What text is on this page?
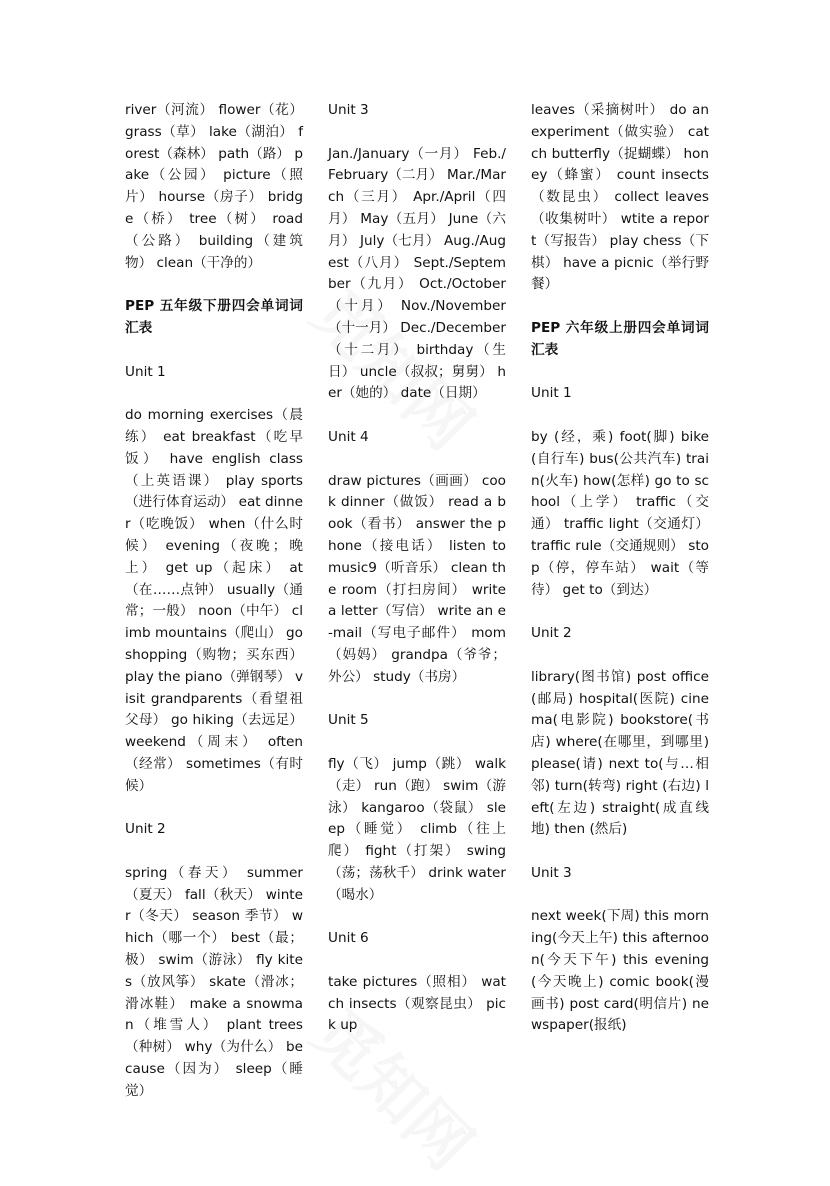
river（河流） flower（花） grass（草） lake（湖泊） forest（森林） path（路） pake（公园） picture（照片） hourse（房子） bridge（桥） tree（树） road（公路） building（建筑物） clean（干净的）

PEP 五年级下册四会单词词汇表

Unit 1

do morning exercises（晨练） eat breakfast（吃早饭） have english class（上英语课） play sports（进行体育运动） eat dinner（吃晚饭） when（什么时候） evening（夜晚；晚上） get up（起床） at（在……点钟） usually（通常；一般） noon（中午） climb mountains（爬山） go shopping（购物；买东西） play the piano（弹钢琴） visit grandparents（看望祖父母） go hiking（去远足） weekend（周末） often（经常） sometimes（有时候）

Unit 2

spring（春天） summer（夏天） fall（秋天） winter（冬天） season 季节） which（哪一个） best（最；极） swim（游泳） fly kites（放风筝） skate（滑冰；滑冰鞋） make a snowman（堆雪人） plant trees（种树） why（为什么） because（因为） sleep（睡觉）

Unit 3

Jan./January（一月） Feb./February（二月） Mar./March（三月） Apr./April（四月） May（五月） June（六月） July（七月） Aug./Augest（八月） Sept./September（九月） Oct./October（十月） Nov./November（十一月） Dec./December（十二月） birthday（生日） uncle（叔叔；舅舅） her（她的） date（日期）

Unit 4

draw pictures（画画） cook dinner（做饭） read a book（看书） answer the phone（接电话） listen to music9（听音乐） clean the room（打扫房间） write a letter（写信） write an e-mail（写电子邮件） mom（妈妈） grandpa（爷爷；外公） study（书房）

Unit 5

fly（飞） jump（跳） walk（走） run（跑） swim（游泳） kangaroo（袋鼠） sleep（睡觉） climb（往上爬） fight（打架） swing（荡；荡秋千） drink water（喝水）

Unit 6

take pictures（照相） watch insects（观察昆虫） pick up

leaves（采摘树叶） do an experiment（做实验） catch butterfly（捉蝴蝶） honey（蜂蜜） count insects（数昆虫） collect leaves（收集树叶） wtite a report（写报告） play chess（下棋） have a picnic（举行野餐）

PEP 六年级上册四会单词词汇表

Unit 1

by (经，乘) foot(脚) bike(自行车) bus(公共汽车) train(火车) how(怎样) go to school（上学） traffic（交通） traffic light（交通灯） traffic rule（交通规则） stop（停，停车站） wait（等待） get to（到达）

Unit 2

library(图书馆) post office(邮局) hospital(医院) cinema(电影院) bookstore(书店) where(在哪里，到哪里) please(请) next to(与…相邻) turn(转弯) right (右边) left(左边) straight(成直线地) then (然后)

Unit 3

next week(下周) this morning(今天上午) this afternoon(今天下午) this evening (今天晚上) comic book(漫画书) post card(明信片) newspaper(报纸)
